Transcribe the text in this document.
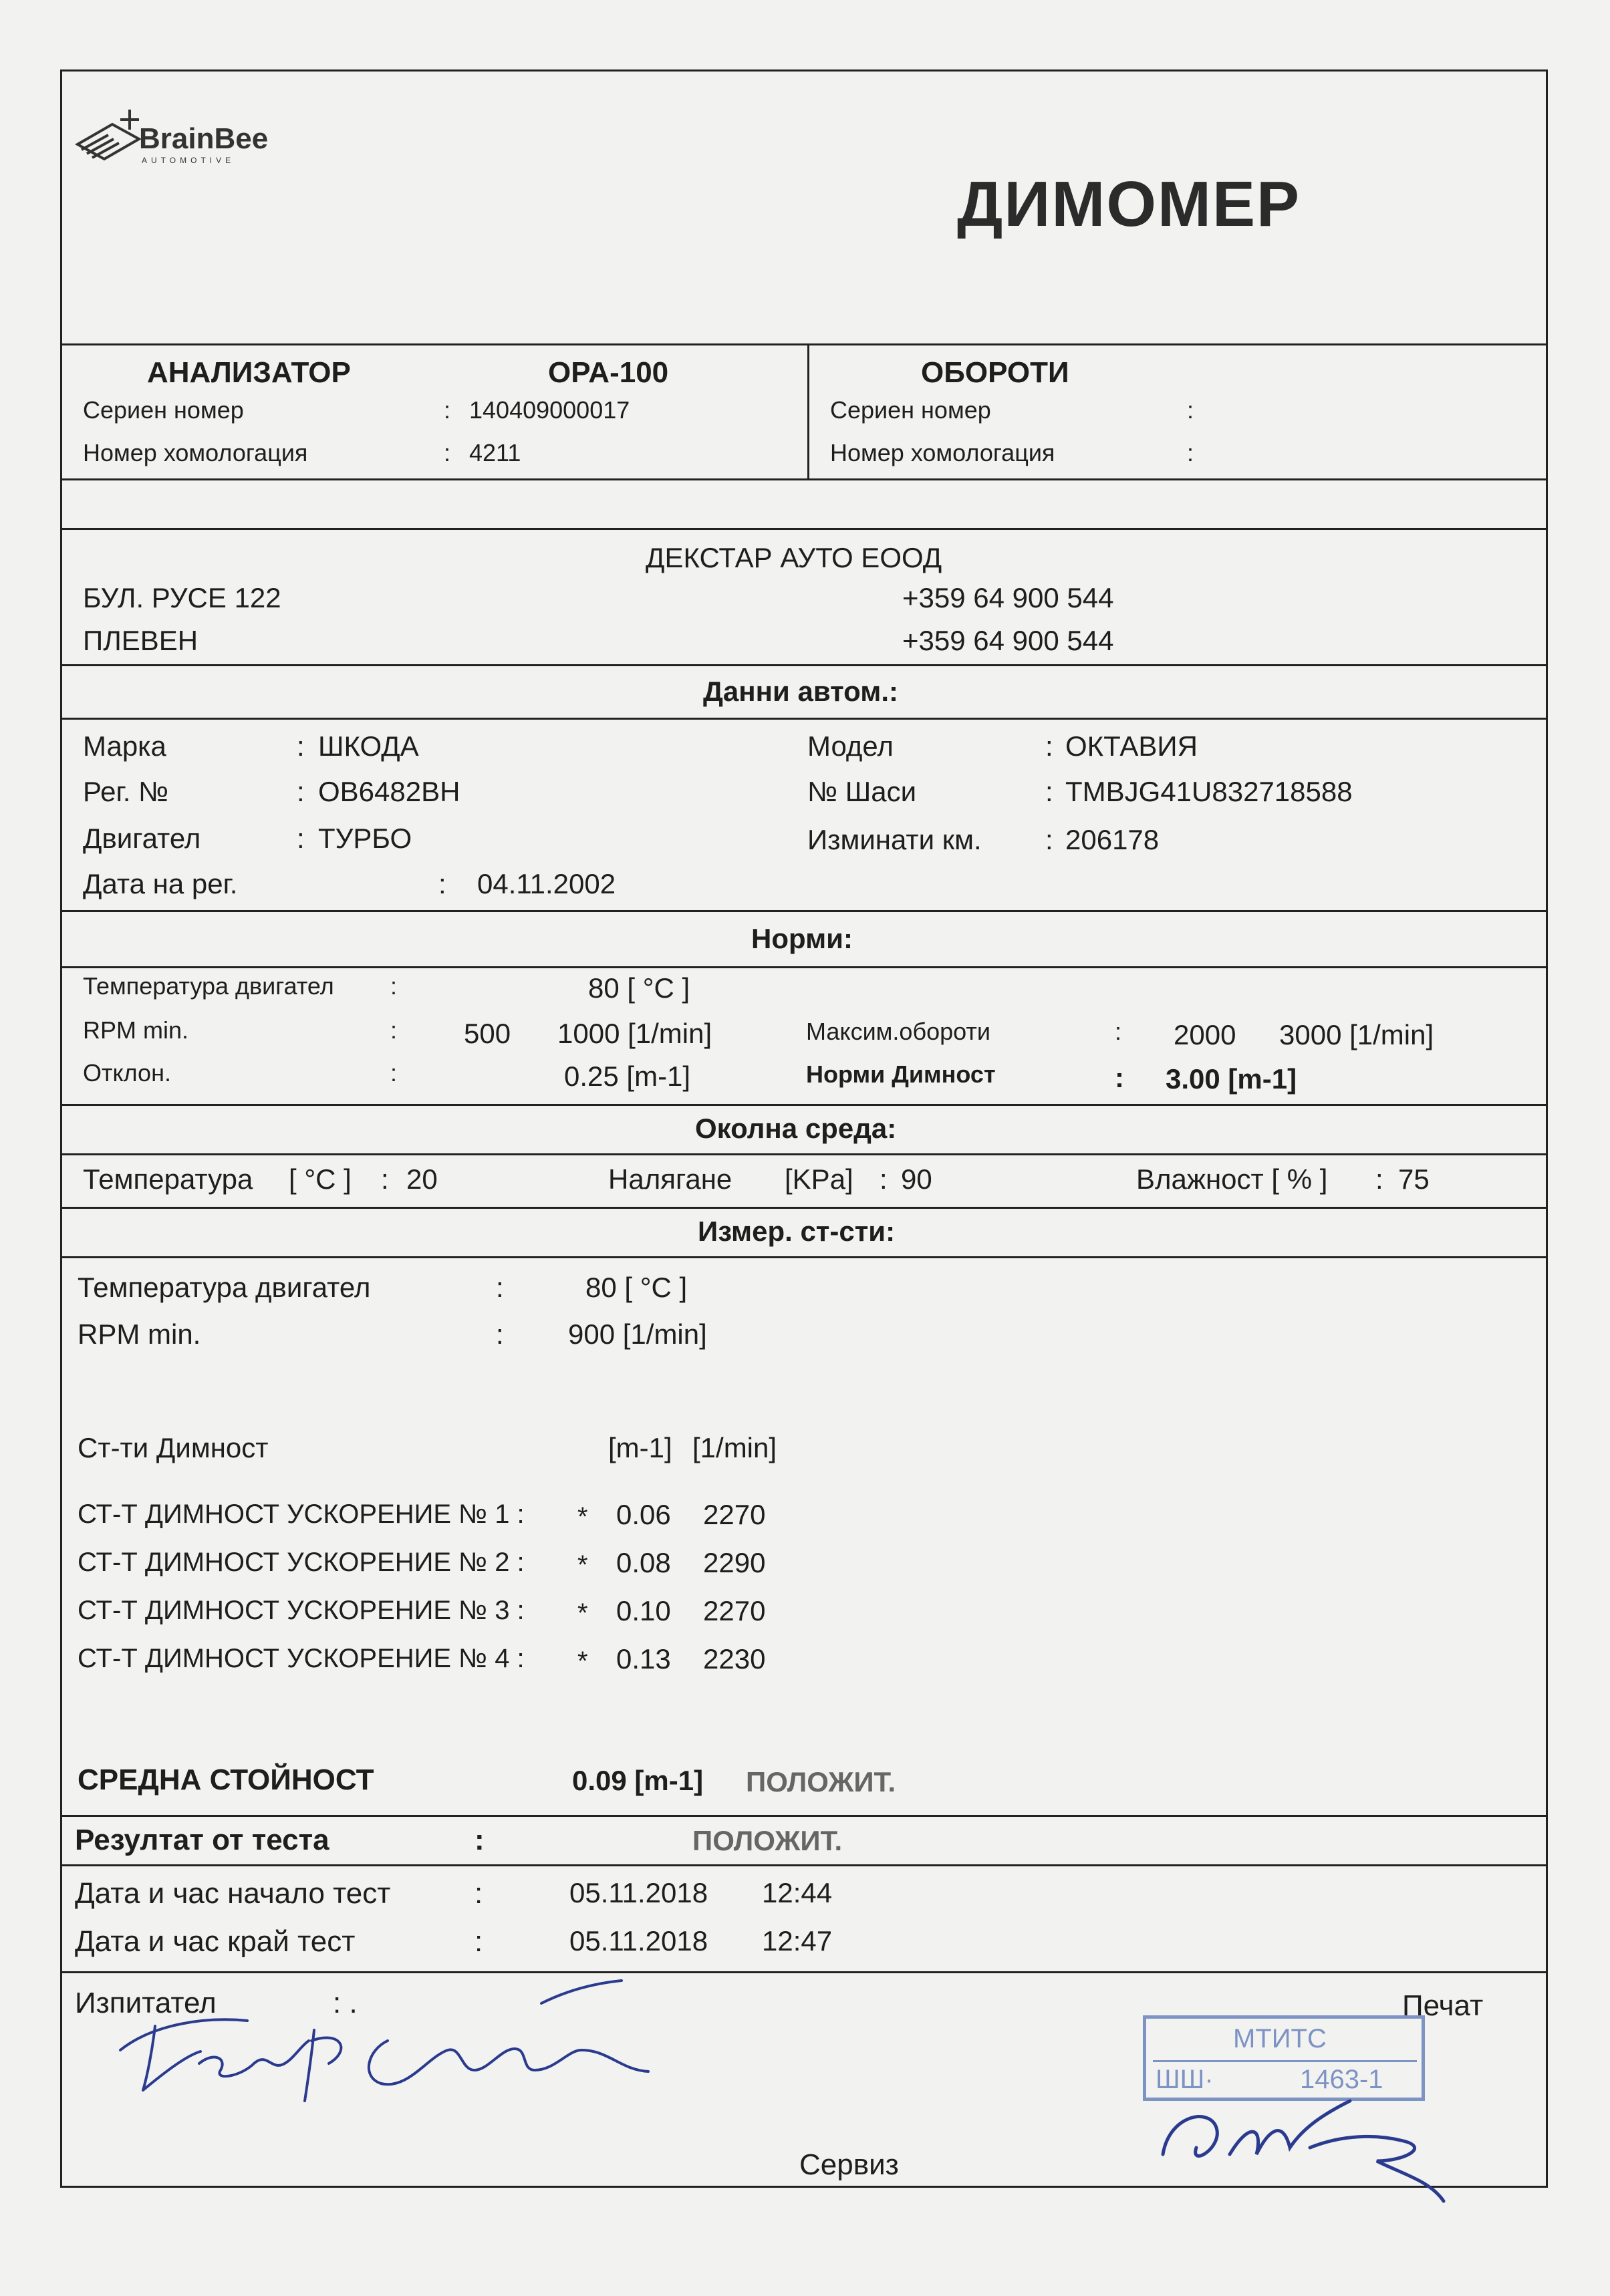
BrainBee
AUTOMOTIVE
ДИМОМЕР
АНАЛИЗАТОР	OPA-100
Сериен номер	: 140409000017
Номер хомологация	: 4211
ОБОРОТИ
Сериен номер	:
Номер хомологация	:
ДЕКСТАР АУТО ЕООД
БУЛ. РУСЕ 122	+359 64 900 544
ПЛЕВЕН	+359 64 900 544
Данни автом.:
Марка	: ШКОДА	Модел	: ОКТАВИЯ
Рег. №	: OB6482BH	№ Шаси	: TMBJG41U832718588
Двигател	: ТУРБО	Изминати км. : 206178
Дата на рег.	: 04.11.2002
Норми:
Температура двигател :	80 [ °C ]
RPM min.	: 500 1000 [1/min]	Максим.обороти	: 2000 3000 [1/min]
Отклон.	:	0.25 [m-1]	Норми Димност	: 3.00 [m-1]
Околна среда:
Температура [ °C ] : 20	Налягане [KPa] : 90	Влажност [ % ] : 75
Измер. ст-сти:
Температура двигател	:	80 [ °C ]
RPM min.	: 900 [1/min]
Ст-ти Димност	[m-1] [1/min]
СТ-Т ДИМНОСТ УСКОРЕНИЕ № 1 : * 0.06 2270
СТ-Т ДИМНОСТ УСКОРЕНИЕ № 2 : * 0.08 2290
СТ-Т ДИМНОСТ УСКОРЕНИЕ № 3 : * 0.10 2270
СТ-Т ДИМНОСТ УСКОРЕНИЕ № 4 : * 0.13 2230
СРЕДНА СТОЙНОСТ	0.09 [m-1] ПОЛОЖИТ.
Резултат от теста	:	ПОЛОЖИТ.
Дата и час начало тест	:	05.11.2018 12:44
Дата и час край тест	:	05.11.2018 12:47
Изпитател	: .	Печат
Сервиз
МТИТС
ШШ·	1463-1
